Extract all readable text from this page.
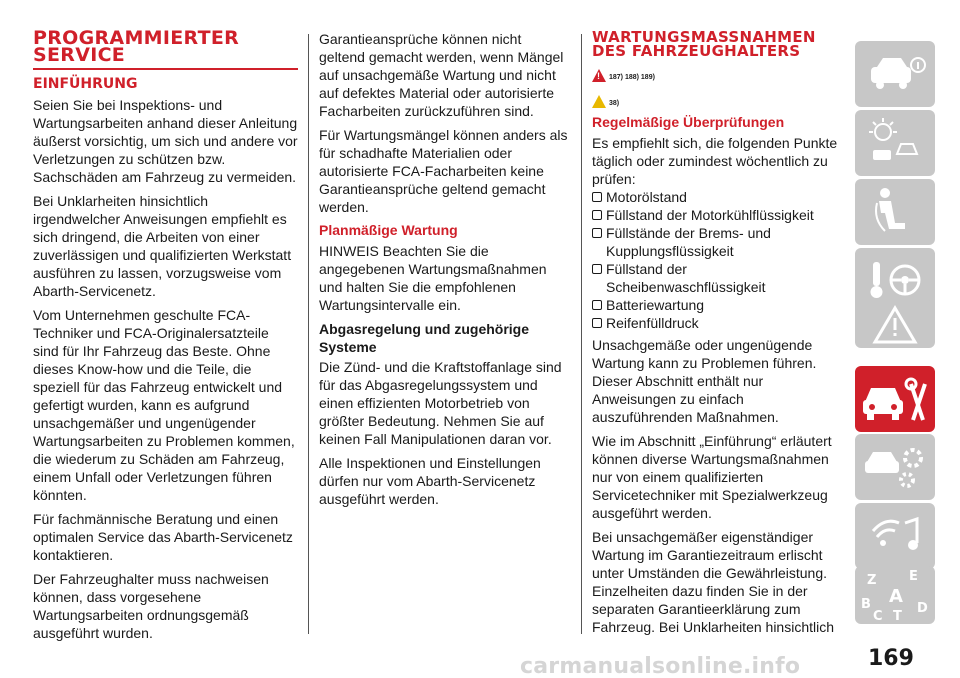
PROGRAMMIERTER SERVICE
EINFÜHRUNG

Seien Sie bei Inspektions- und Wartungsarbeiten anhand dieser Anleitung äußerst vorsichtig, um sich und andere vor Verletzungen zu schützen bzw. Sachschäden am Fahrzeug zu vermeiden.

Bei Unklarheiten hinsichtlich irgendwelcher Anweisungen empfiehlt es sich dringend, die Arbeiten von einer zuverlässigen und qualifizierten Werkstatt ausführen zu lassen, vorzugsweise vom Abarth-Servicenetz.

Vom Unternehmen geschulte FCA-Techniker und FCA-Originalersatzteile sind für Ihr Fahrzeug das Beste. Ohne dieses Know-how und die Teile, die speziell für das Fahrzeug entwickelt und gefertigt wurden, kann es aufgrund unsachgemäßer und ungenügender Wartungsarbeiten zu Problemen kommen, die wiederum zu Schäden am Fahrzeug, einem Unfall oder Verletzungen führen könnten.

Für fachmännische Beratung und einen optimalen Service das Abarth-Servicenetz kontaktieren.

Der Fahrzeughalter muss nachweisen können, dass vorgesehene Wartungsarbeiten ordnungsgemäß ausgeführt wurden.

Garantieansprüche können nicht geltend gemacht werden, wenn Mängel auf unsachgemäße Wartung und nicht auf defektes Material oder autorisierte Facharbeiten zurückzuführen sind.

Für Wartungsmängel können anders als für schadhafte Materialien oder autorisierte FCA-Facharbeiten keine Garantieansprüche geltend gemacht werden.

Planmäßige Wartung

HINWEIS Beachten Sie die angegebenen Wartungsmaßnahmen und halten Sie die empfohlenen Wartungsintervalle ein.

Abgasregelung und zugehörige Systeme

Die Zünd- und die Kraftstoffanlage sind für das Abgasregelungssystem und einen effizienten Motorbetrieb von größter Bedeutung. Nehmen Sie auf keinen Fall Manipulationen daran vor.

Alle Inspektionen und Einstellungen dürfen nur vom Abarth-Servicenetz ausgeführt werden.

WARTUNGSMASSNAHMEN DES FAHRZEUGHALTERS
!
187) 188) 189)
38)
Regelmäßige Überprüfungen

Es empfiehlt sich, die folgenden Punkte täglich oder zumindest wöchentlich zu prüfen:

Motorölstand
Füllstand der Motorkühlflüssigkeit
Füllstände der Brems- und Kupplungsflüssigkeit
Füllstand der Scheibenwaschflüssigkeit
Batteriewartung
Reifenfülldruck

Unsachgemäße oder ungenügende Wartung kann zu Problemen führen. Dieser Abschnitt enthält nur Anweisungen zu einfach auszuführenden Maßnahmen.

Wie im Abschnitt „Einführung“ erläutert können diverse Wartungsmaßnahmen nur von einem qualifizierten Servicetechniker mit Spezialwerkzeug ausgeführt werden.

Bei unsachgemäßer eigenständiger Wartung im Garantiezeitraum erlischt unter Umständen die Gewährleistung. Einzelheiten dazu finden Sie in der separaten Garantieerklärung zum Fahrzeug. Bei Unklarheiten hinsichtlich

Z	E
A
B
C T
D
carmanualsonline.info	169
